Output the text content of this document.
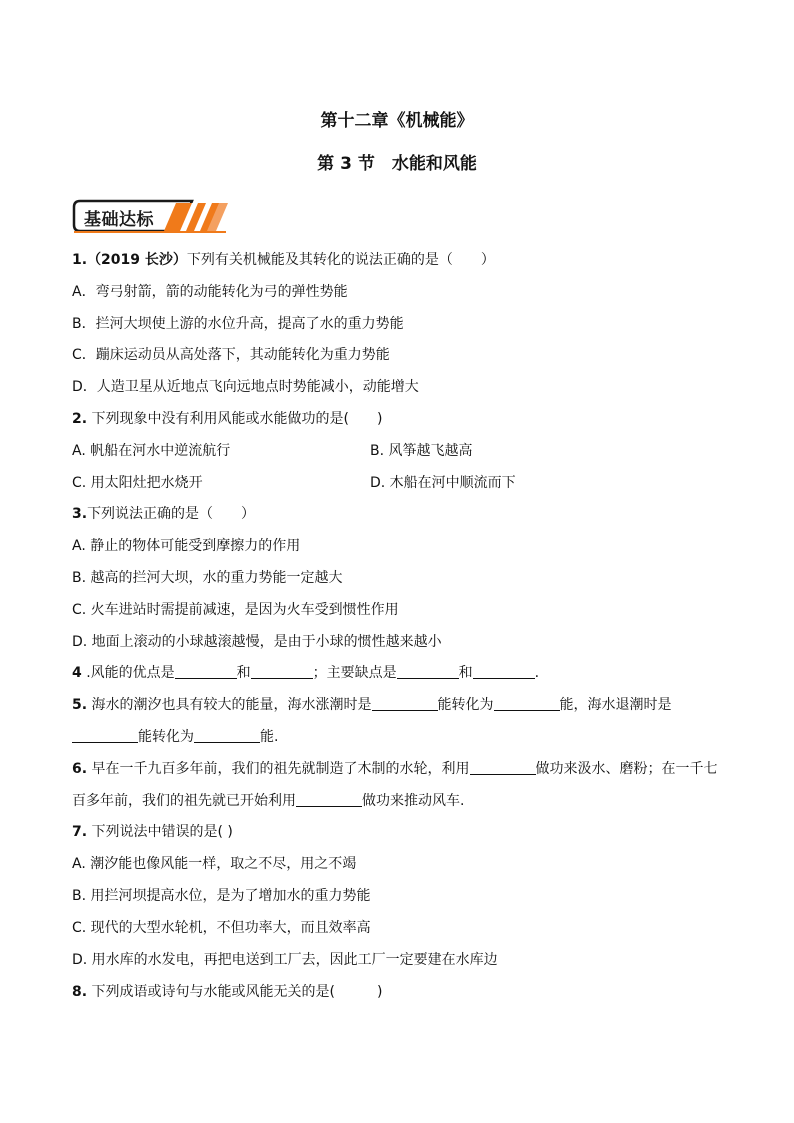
第十二章《机械能》
第 3 节　水能和风能
基础达标
1.（2019 长沙）下列有关机械能及其转化的说法正确的是（　　）
A．弯弓射箭，箭的动能转化为弓的弹性势能
B．拦河大坝使上游的水位升高，提高了水的重力势能
C．蹦床运动员从高处落下，其动能转化为重力势能
D．人造卫星从近地点飞向远地点时势能减小，动能增大
2. 下列现象中没有利用风能或水能做功的是(　　)
A. 帆船在河水中逆流航行	B. 风筝越飞越高
C. 用太阳灶把水烧开	D. 木船在河中顺流而下
3.下列说法正确的是（　　）
A. 静止的物体可能受到摩擦力的作用
B. 越高的拦河大坝，水的重力势能一定越大
C. 火车进站时需提前减速，是因为火车受到惯性作用
D. 地面上滚动的小球越滚越慢，是由于小球的惯性越来越小
4 .风能的优点是	和	；主要缺点是	和	.
5. 海水的潮汐也具有较大的能量，海水涨潮时是	能转化为	能，海水退潮时是
能转化为	能.
6. 早在一千九百多年前，我们的祖先就制造了木制的水轮，利用	做功来汲水、磨粉；在一千七
百多年前，我们的祖先就已开始利用	做功来推动风车.
7. 下列说法中错误的是( )
A. 潮汐能也像风能一样，取之不尽，用之不竭
B. 用拦河坝提高水位，是为了增加水的重力势能
C. 现代的大型水轮机，不但功率大，而且效率高
D. 用水库的水发电，再把电送到工厂去，因此工厂一定要建在水库边
8. 下列成语或诗句与水能或风能无关的是(　　　)
